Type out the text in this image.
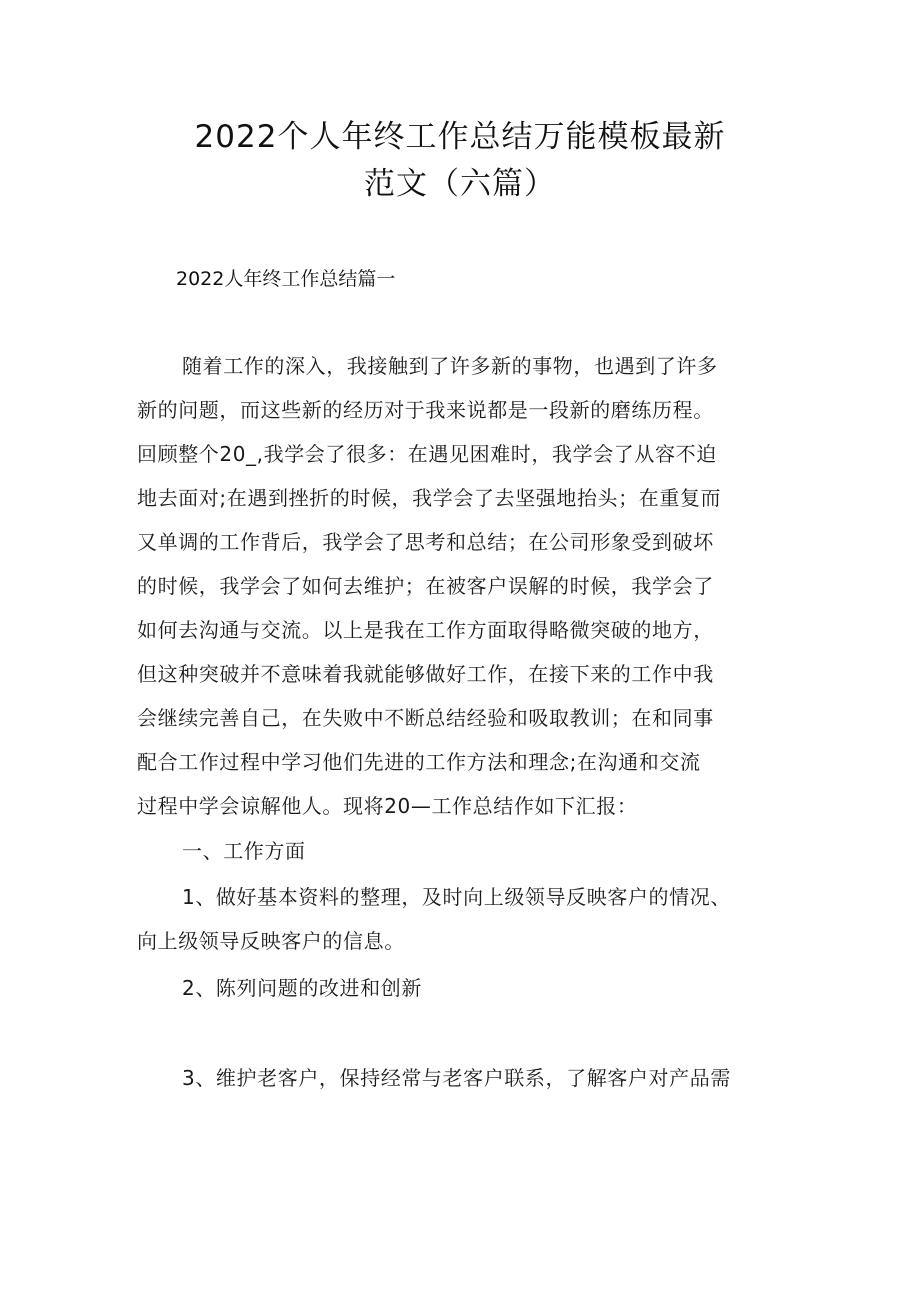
2022个人年终工作总结万能模板最新
范文（六篇）
2022人年终工作总结篇一
随着工作的深入，我接触到了许多新的事物，也遇到了许多
新的问题，而这些新的经历对于我来说都是一段新的磨练历程。
回顾整个20_,我学会了很多：在遇见困难时，我学会了从容不迫
地去面对;在遇到挫折的时候，我学会了去坚强地抬头；在重复而
又单调的工作背后，我学会了思考和总结；在公司形象受到破坏
的时候，我学会了如何去维护；在被客户误解的时候，我学会了
如何去沟通与交流。以上是我在工作方面取得略微突破的地方，
但这种突破并不意味着我就能够做好工作，在接下来的工作中我
会继续完善自己，在失败中不断总结经验和吸取教训；在和同事
配合工作过程中学习他们先进的工作方法和理念;在沟通和交流
过程中学会谅解他人。现将20—工作总结作如下汇报：
一、工作方面
1、做好基本资料的整理，及时向上级领导反映客户的情况、
向上级领导反映客户的信息。
2、陈列问题的改进和创新
3、维护老客户，保持经常与老客户联系，了解客户对产品需
